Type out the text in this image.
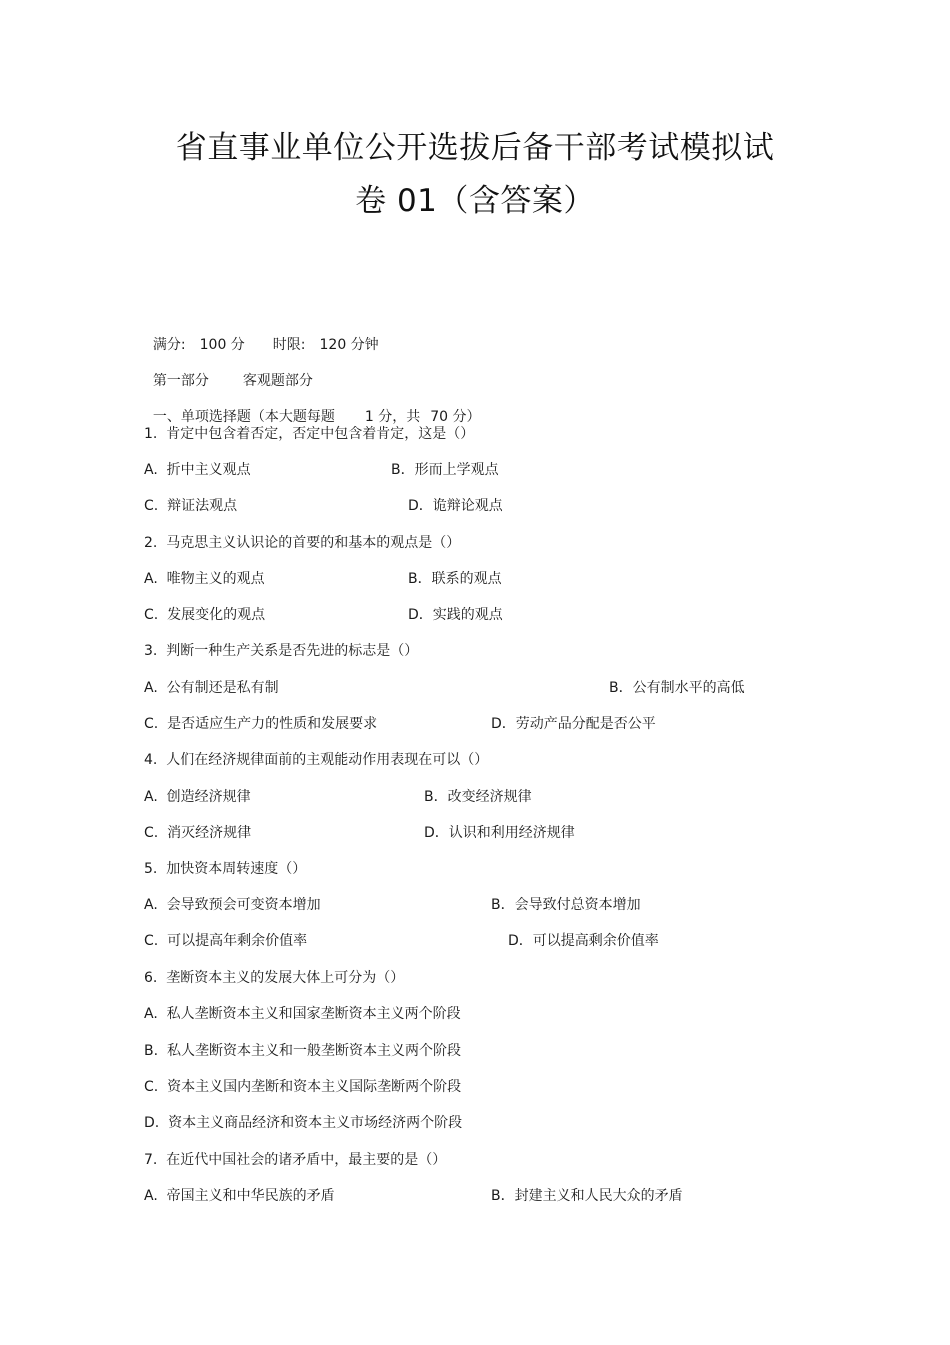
省直事业单位公开选拔后备干部考试模拟试
卷 01（含答案）

满分: 100 分 时限: 120 分钟

第一部分 客观题部分

一、单项选择题（本大题每题 1 分，共 70 分）

1.  肯定中包含着否定，否定中包含着肯定，这是（）
A.  折中主义观点	B．形而上学观点
C.  辩证法观点	D．诡辩论观点
2.  马克思主义认识论的首要的和基本的观点是（）
A.  唯物主义的观点	B．联系的观点
C.  发展变化的观点	D．实践的观点
3.  判断一种生产关系是否先进的标志是（）
A.  公有制还是私有制	B．公有制水平的高低
C.  是否适应生产力的性质和发展要求	D．劳动产品分配是否公平
4.  人们在经济规律面前的主观能动作用表现在可以（）
A.  创造经济规律	B．改变经济规律
C.  消灭经济规律	D．认识和利用经济规律
5.  加快资本周转速度（）
A.  会导致预会可变资本增加	B．会导致付总资本增加
C.  可以提高年剩余价值率	D．可以提高剩余价值率
6.  垄断资本主义的发展大体上可分为（）
A.  私人垄断资本主义和国家垄断资本主义两个阶段
B.  私人垄断资本主义和一般垄断资本主义两个阶段
C.  资本主义国内垄断和资本主义国际垄断两个阶段
D.  资本主义商品经济和资本主义市场经济两个阶段
7.  在近代中国社会的诸矛盾中，最主要的是（）
A.  帝国主义和中华民族的矛盾	B．封建主义和人民大众的矛盾
